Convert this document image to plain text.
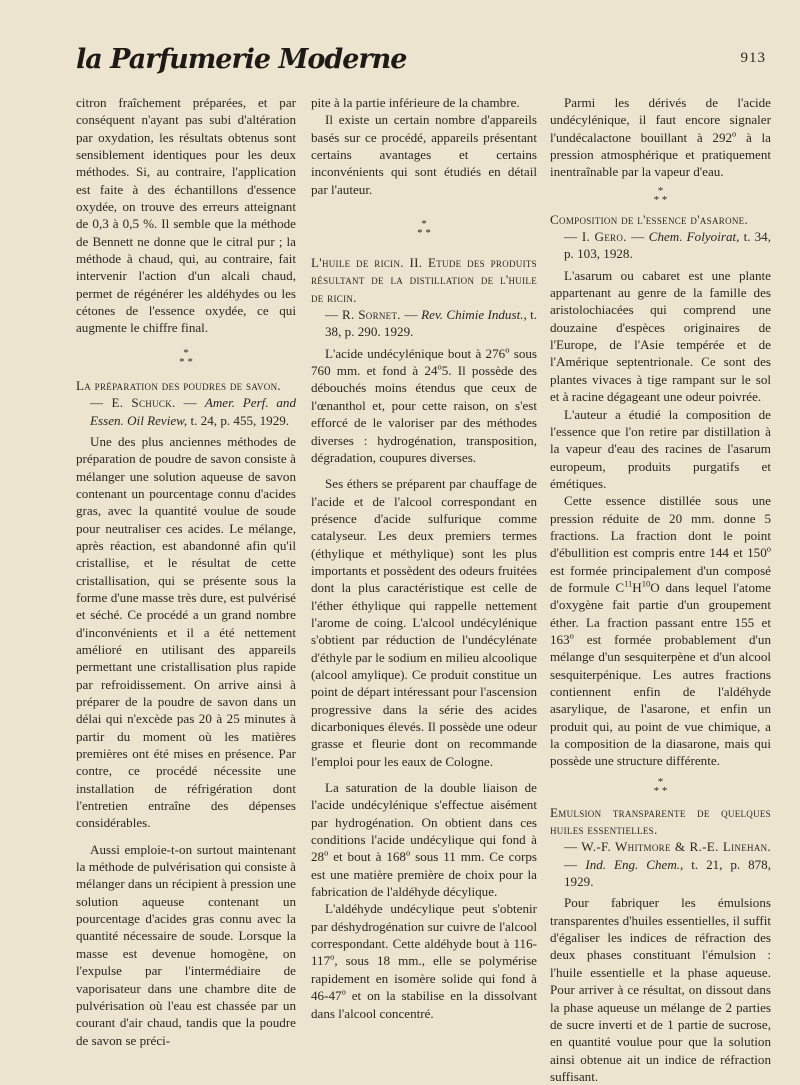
la Parfumerie Moderne	913

citron fraîchement préparées, et par conséquent n'ayant pas subi d'altération par oxydation, les résultats obtenus sont sensiblement identiques pour les deux méthodes. Si, au contraire, l'application est faite à des échantillons d'essence oxydée, on trouve des erreurs atteignant de 0,3 à 0,5 %. Il semble que la méthode de Bennett ne donne que le citral pur ; la méthode à chaud, qui, au contraire, fait intervenir l'action d'un alcali chaud, permet de régénérer les aldéhydes ou les cétones de l'essence oxydée, ce qui augmente le chiffre final.

*
* *

La préparation des poudres de savon.
— E. Schuck. — Amer. Perf. and Essen. Oil Review, t. 24, p. 455, 1929.

Une des plus anciennes méthodes de préparation de poudre de savon consiste à mélanger une solution aqueuse de savon contenant un pourcentage connu d'acides gras, avec la quantité voulue de soude pour neutraliser ces acides. Le mélange, après réaction, est abandonné afin qu'il cristallise, et le résultat de cette cristallisation, qui se présente sous la forme d'une masse très dure, est pulvérisé et séché. Ce procédé a un grand nombre d'inconvénients et il a été nettement amélioré en utilisant des appareils permettant une cristallisation plus rapide par refroidissement. On arrive ainsi à préparer de la poudre de savon dans un délai qui n'excède pas 20 à 25 minutes à partir du moment où les matières premières ont été mises en présence. Par contre, ce procédé nécessite une installation de réfrigération dont l'entretien entraîne des dépenses considérables.

Aussi emploie-t-on surtout maintenant la méthode de pulvérisation qui consiste à mélanger dans un récipient à pression une solution aqueuse contenant un pourcentage d'acides gras connu avec la quantité nécessaire de soude. Lorsque la masse est devenue homogène, on l'expulse par l'intermédiaire de vaporisateur dans une chambre dite de pulvérisation où l'eau est chassée par un courant d'air chaud, tandis que la poudre de savon se préci-

pite à la partie inférieure de la chambre.

Il existe un certain nombre d'appareils basés sur ce procédé, appareils présentant certains avantages et certains inconvénients qui sont étudiés en détail par l'auteur.

*
* *

L'huile de ricin. II. Etude des produits résultant de la distillation de l'huile de ricin.
— R. Sornet. — Rev. Chimie Indust., t. 38, p. 290. 1929.

L'acide undécylénique bout à 276$^o$ sous 760 mm. et fond à 24$^o$5. Il possède des débouchés moins étendus que ceux de l'œnanthol et, pour cette raison, on s'est efforcé de le valoriser par des méthodes diverses : hydrogénation, transposition, dégradation, coupures diverses.

Ses éthers se préparent par chauffage de l'acide et de l'alcool correspondant en présence d'acide sulfurique comme catalyseur. Les deux premiers termes (éthylique et méthylique) sont les plus importants et possèdent des odeurs fruitées dont la plus caractéristique est celle de l'éther éthylique qui rappelle nettement l'arome de coing. L'alcool undécylénique s'obtient par réduction de l'undécylénate d'éthyle par le sodium en milieu alcoolique (alcool amylique). Ce produit constitue un point de départ intéressant pour l'ascension progressive dans la série des acides dicarboniques élevés. Il possède une odeur grasse et fleurie dont on recommande l'emploi pour les eaux de Cologne.

La saturation de la double liaison de l'acide undécylénique s'effectue aisément par hydrogénation. On obtient dans ces conditions l'acide undécylique qui fond à 28$^o$ et bout à 168$^o$ sous 11 mm. Ce corps est une matière première de choix pour la fabrication de l'aldéhyde décylique.

L'aldéhyde undécylique peut s'obtenir par déshydrogénation sur cuivre de l'alcool correspondant. Cette aldéhyde bout à 116-117$^o$, sous 18 mm., elle se polymérise rapidement en isomère solide qui fond à 46-47$^o$ et on la stabilise en la dissolvant dans l'alcool concentré.

Parmi les dérivés de l'acide undécylénique, il faut encore signaler l'undécalactone bouillant à 292$^o$ à la pression atmosphérique et pratiquement inentraînable par la vapeur d'eau.

*
* *

Composition de l'essence d'asarone.
— I. Gero. — Chem. Folyoirat, t. 34, p. 103, 1928.

L'asarum ou cabaret est une plante appartenant au genre de la famille des aristolochiacées qui comprend une douzaine d'espèces originaires de l'Europe, de l'Asie tempérée et de l'Amérique septentrionale. Ce sont des plantes vivaces à tige rampant sur le sol et à racine dégageant une odeur poivrée.

L'auteur a étudié la composition de l'essence que l'on retire par distillation à la vapeur d'eau des racines de l'asarum europeum, produits purgatifs et émétiques.

Cette essence distillée sous une pression réduite de 20 mm. donne 5 fractions. La fraction dont le point d'ébullition est compris entre 144 et 150$^o$ est formée principalement d'un composé de formule $C^{11}H^{10}O$ dans lequel l'atome d'oxygène fait partie d'un groupement éther. La fraction passant entre 155 et 163$^o$ est formée probablement d'un mélange d'un sesquiterpène et d'un alcool sesquiterpénique. Les autres fractions contiennent enfin de l'aldéhyde asarylique, de l'asarone, et enfin un produit qui, au point de vue chimique, a la composition de la diasarone, mais qui possède une structure différente.

*
* *

Emulsion transparente de quelques huiles essentielles.
— W.-F. Whitmore & R.-E. Linehan. — Ind. Eng. Chem., t. 21, p. 878, 1929.

Pour fabriquer les émulsions transparentes d'huiles essentielles, il suffit d'égaliser les indices de réfraction des deux phases constituant l'émulsion : l'huile essentielle et la phase aqueuse. Pour arriver à ce résultat, on dissout dans la phase aqueuse un mélange de 2 parties de sucre inverti et de 1 partie de sucrose, en quantité voulue pour que la solution ainsi obtenue ait un indice de réfraction suffisant.
